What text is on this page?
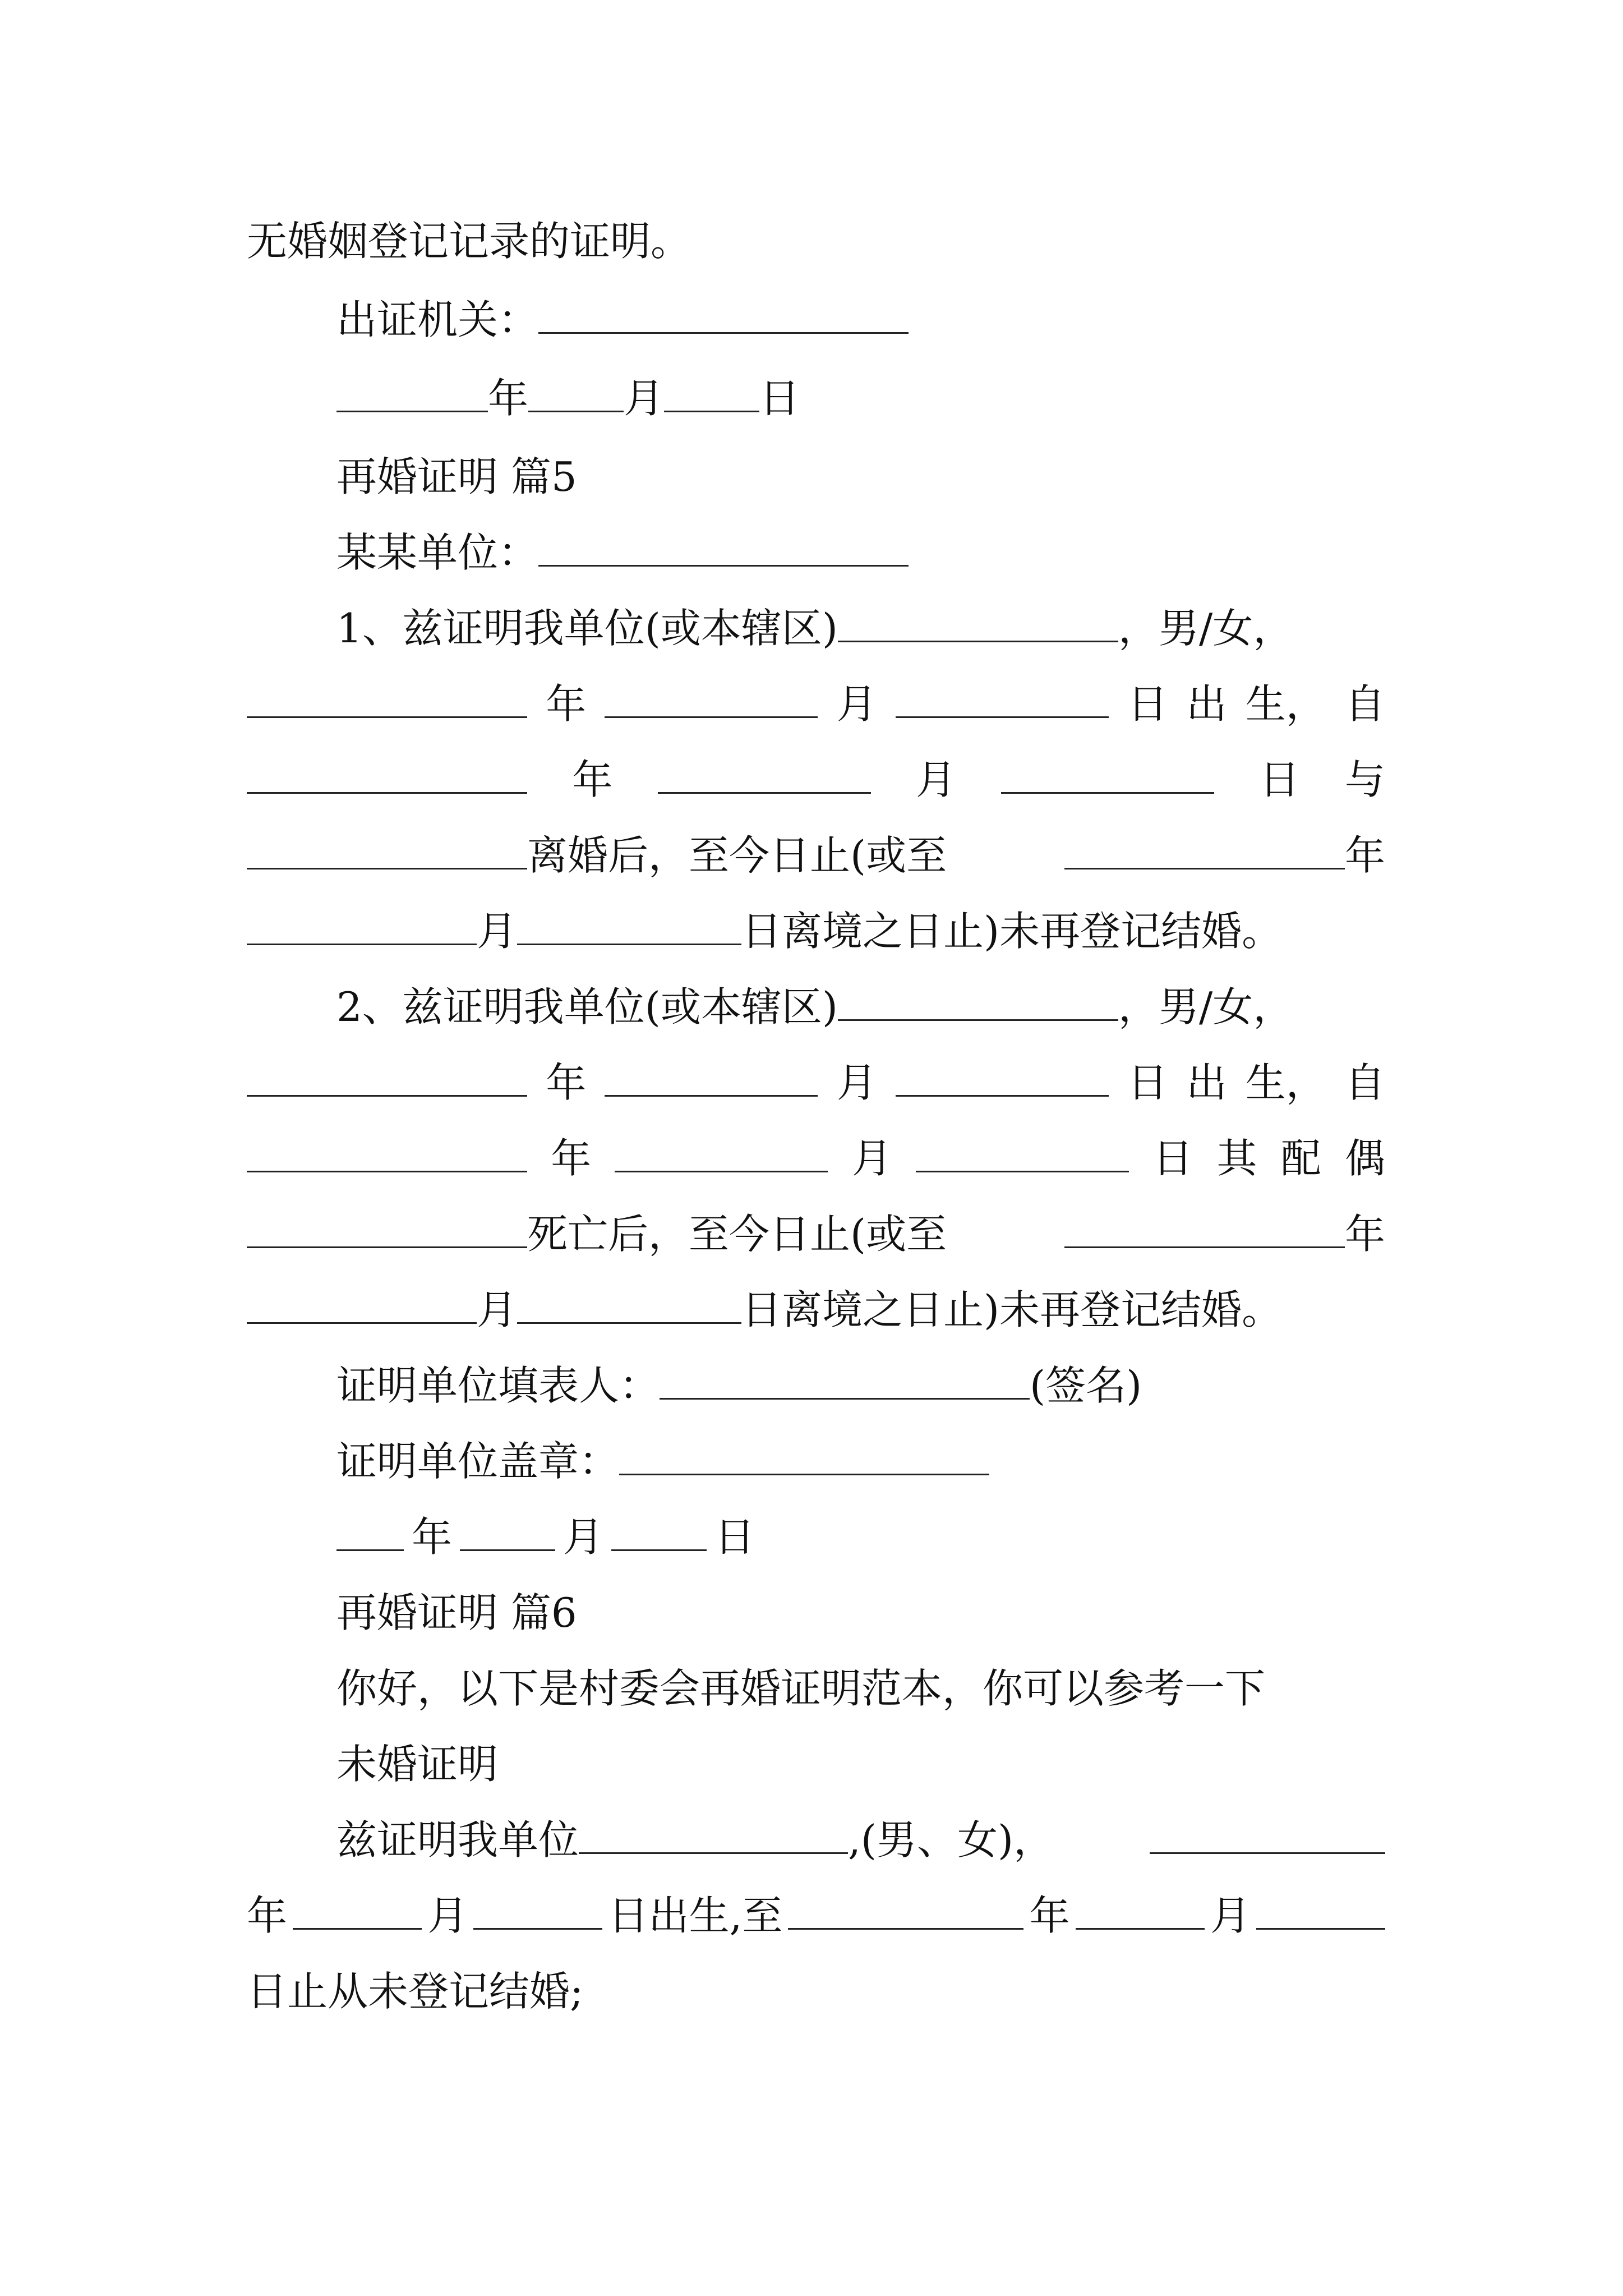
无婚姻登记记录的证明。
出证机关：
年 月 日
再婚证明 篇5
某某单位：
1、兹证明我单位(或本辖区)	，男/女，
年	月	日 出 生， 自
年	月	日 与
离婚后，至今日止(或至	年
月	日离境之日止)未再登记结婚。
2、兹证明我单位(或本辖区)	，男/女，
年	月	日 出 生， 自
年	月	日 其 配 偶
死亡后，至今日止(或至	年
月	日离境之日止)未再登记结婚。
证明单位填表人：	(签名)
证明单位盖章：
年	月	日
再婚证明 篇6
你好，以下是村委会再婚证明范本，你可以参考一下
未婚证明
兹证明我单位	,(男、女)，
年	月	日出生,至	年	月
日止从未登记结婚;
